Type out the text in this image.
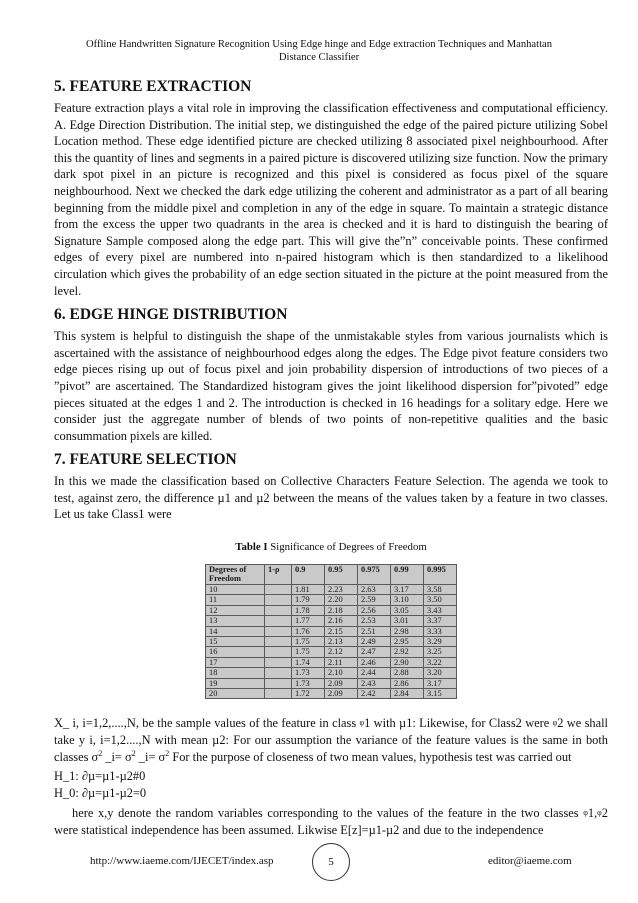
Offline Handwritten Signature Recognition Using Edge hinge and Edge extraction Techniques and Manhattan
Distance Classifier
5. FEATURE EXTRACTION

Feature extraction plays a vital role in improving the classification effectiveness and computational efficiency. A. Edge Direction Distribution. The initial step, we distinguished the edge of the paired picture utilizing Sobel Location method. These edge identified picture are checked utilizing 8 associated pixel neighbourhood. After this the quantity of lines and segments in a paired picture is discovered utilizing size function. Now the primary dark spot pixel in an picture is recognized and this pixel is considered as focus pixel of the square neighbourhood. Next we checked the dark edge utilizing the coherent and administrator as a part of all bearing beginning from the middle pixel and completion in any of the edge in square. To maintain a strategic distance from the excess the upper two quadrants in the area is checked and it is hard to distinguish the bearing of Signature Sample composed along the edge part. This will give the”n” conceivable points. These confirmed edges of every pixel are numbered into n-paired histogram which is then standardized to a likelihood circulation which gives the probability of an edge section situated in the picture at the point measured from the level.

6. EDGE HINGE DISTRIBUTION

This system is helpful to distinguish the shape of the unmistakable styles from various journalists which is ascertained with the assistance of neighbourhood edges along the edges. The Edge pivot feature considers two edge pieces rising up out of focus pixel and join probability dispersion of introductions of two pieces of a ”pivot” are ascertained. The Standardized histogram gives the joint likelihood dispersion for”pivoted” edge pieces situated at the edges 1 and 2. The introduction is checked in 16 headings for a solitary edge. Here we consider just the aggregate number of blends of two points of non-repetitive qualities and the basic consummation pixels are killed.

7. FEATURE SELECTION

In this we made the classification based on Collective Characters Feature Selection. The agenda we took to test, against zero, the difference µ1 and µ2 between the means of the values taken by a feature in two classes. Let us take Class1 were

Table I Significance of Degrees of Freedom
Degrees of Freedom	1-ρ	0.9	0.95	0.975	0.99	0.995
10		1.81	2.23	2.63	3.17	3.58
11		1.79	2.20	2.59	3.10	3.50
12		1.78	2.18	2.56	3.05	3.43
13		1.77	2.16	2.53	3.01	3.37
14		1.76	2.15	2.51	2.98	3.33
15		1.75	2.13	2.49	2.95	3.29
16		1.75	2.12	2.47	2.92	3.25
17		1.74	2.11	2.46	2.90	3.22
18		1.73	2.10	2.44	2.88	3.20
19		1.73	2.09	2.43	2.86	3.17
20		1.72	2.09	2.42	2.84	3.15

X_ i, i=1,2,....,N, be the sample values of the feature in class φ1 with µ1: Likewise, for Class2 were φ2 we shall take y i, i=1,2....,N with mean µ2: For our assumption the variance of the feature values is the same in both classes $\sigma^2$ _i= $\sigma^2$ _i= $\sigma^2$ For the purpose of closeness of two mean values, hypothesis test was carried out

H_1: ∂µ=µ1-µ2#0
H_0: ∂µ=µ1-µ2=0

here x,y denote the random variables corresponding to the values of the feature in the two classes φ1,φ2 were statistical independence has been assumed. Likwise E[z]=µ1-µ2 and due to the independence

http://www.iaeme.com/IJECET/index.asp	5	editor@iaeme.com
